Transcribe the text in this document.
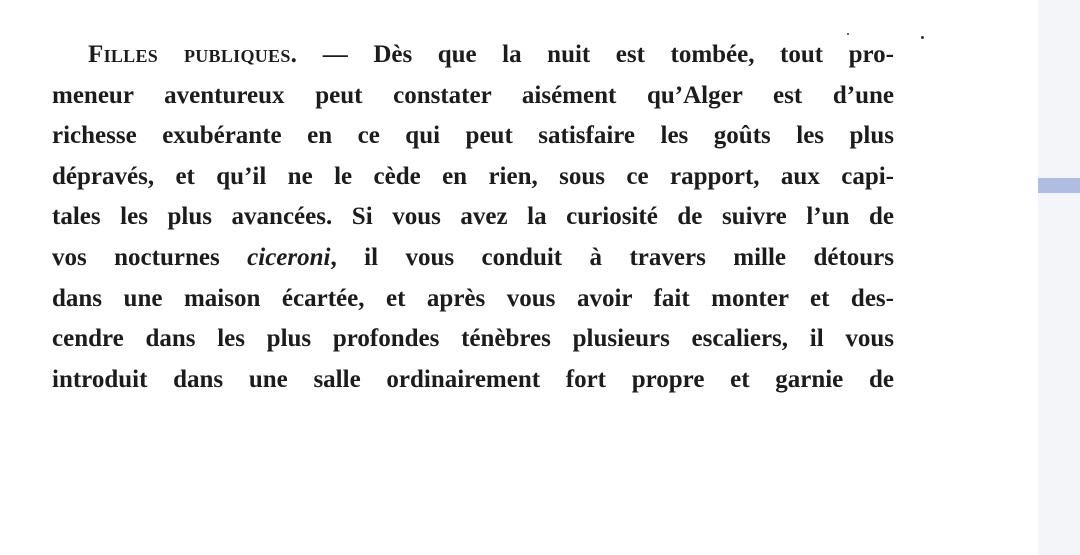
Filles publiques. — Dès que la nuit est tombée, tout pro-
meneur aventureux peut constater aisément qu’Alger est d’une
richesse exubérante en ce qui peut satisfaire les goûts les plus
dépravés, et qu’il ne le cède en rien, sous ce rapport, aux capi-
tales les plus avancées. Si vous avez la curiosité de suivre l’un de
vos nocturnes ciceroni, il vous conduit à travers mille détours
dans une maison écartée, et après vous avoir fait monter et des-
cendre dans les plus profondes ténèbres plusieurs escaliers, il vous
introduit dans une salle ordinairement fort propre et garnie de
